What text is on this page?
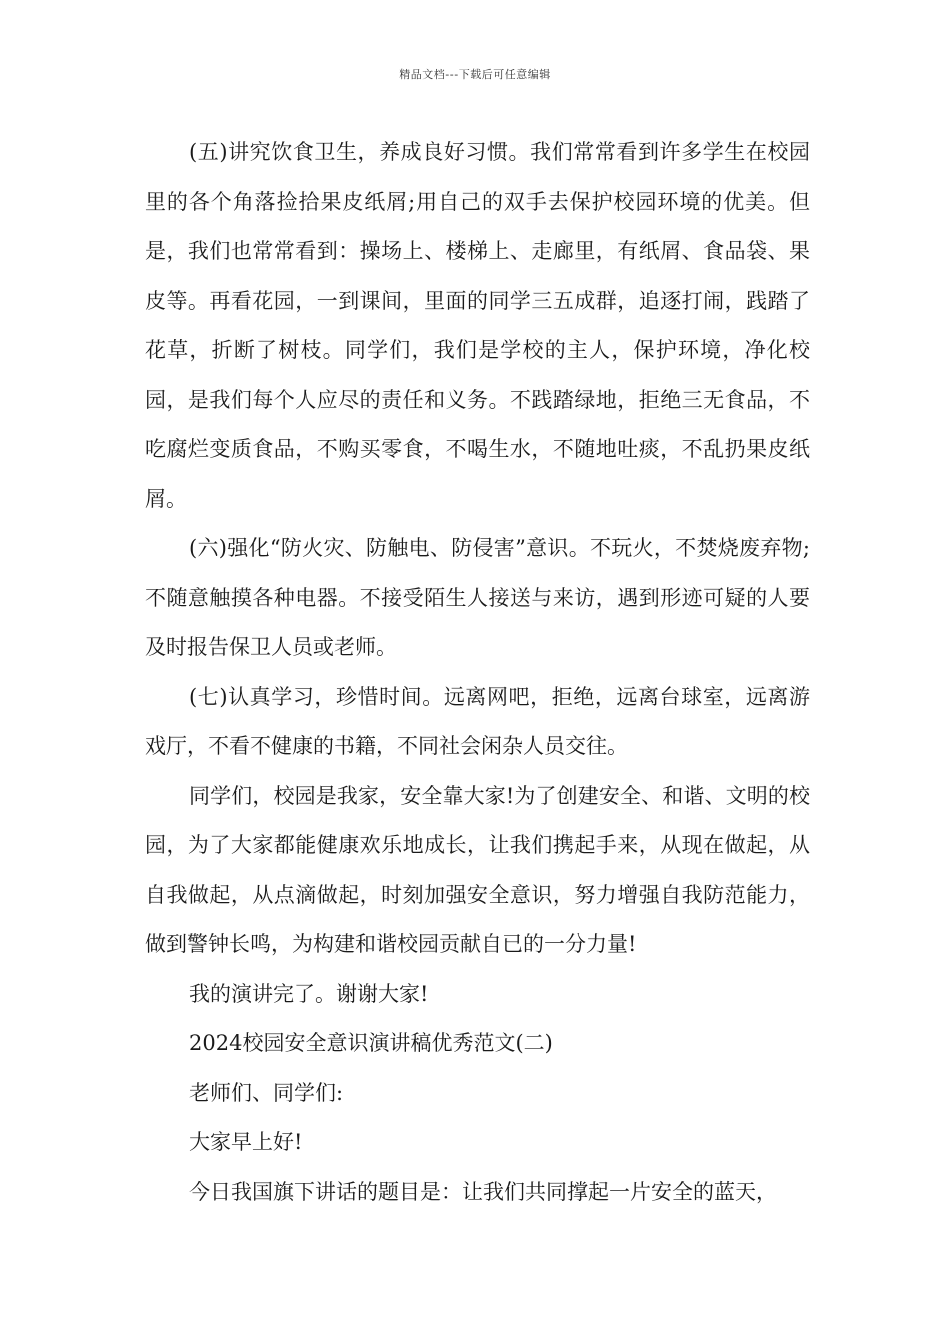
精品文档---下载后可任意编辑

(五)讲究饮食卫生，养成良好习惯。我们常常看到许多学生在校园里的各个角落捡拾果皮纸屑;用自己的双手去保护校园环境的优美。但是，我们也常常看到：操场上、楼梯上、走廊里，有纸屑、食品袋、果皮等。再看花园，一到课间，里面的同学三五成群，追逐打闹，践踏了花草，折断了树枝。同学们，我们是学校的主人，保护环境，净化校园，是我们每个人应尽的责任和义务。不践踏绿地，拒绝三无食品，不吃腐烂变质食品，不购买零食，不喝生水，不随地吐痰，不乱扔果皮纸屑。

(六)强化“防火灾、防触电、防侵害”意识。不玩火，不焚烧废弃物;不随意触摸各种电器。不接受陌生人接送与来访，遇到形迹可疑的人要及时报告保卫人员或老师。

(七)认真学习，珍惜时间。远离网吧，拒绝，远离台球室，远离游戏厅，不看不健康的书籍，不同社会闲杂人员交往。

同学们，校园是我家，安全靠大家!为了创建安全、和谐、文明的校园，为了大家都能健康欢乐地成长，让我们携起手来，从现在做起，从自我做起，从点滴做起，时刻加强安全意识，努力增强自我防范能力，做到警钟长鸣，为构建和谐校园贡献自已的一分力量!

我的演讲完了。谢谢大家!

2024校园安全意识演讲稿优秀范文(二)

老师们、同学们:

大家早上好!

今日我国旗下讲话的题目是：让我们共同撑起一片安全的蓝天，
